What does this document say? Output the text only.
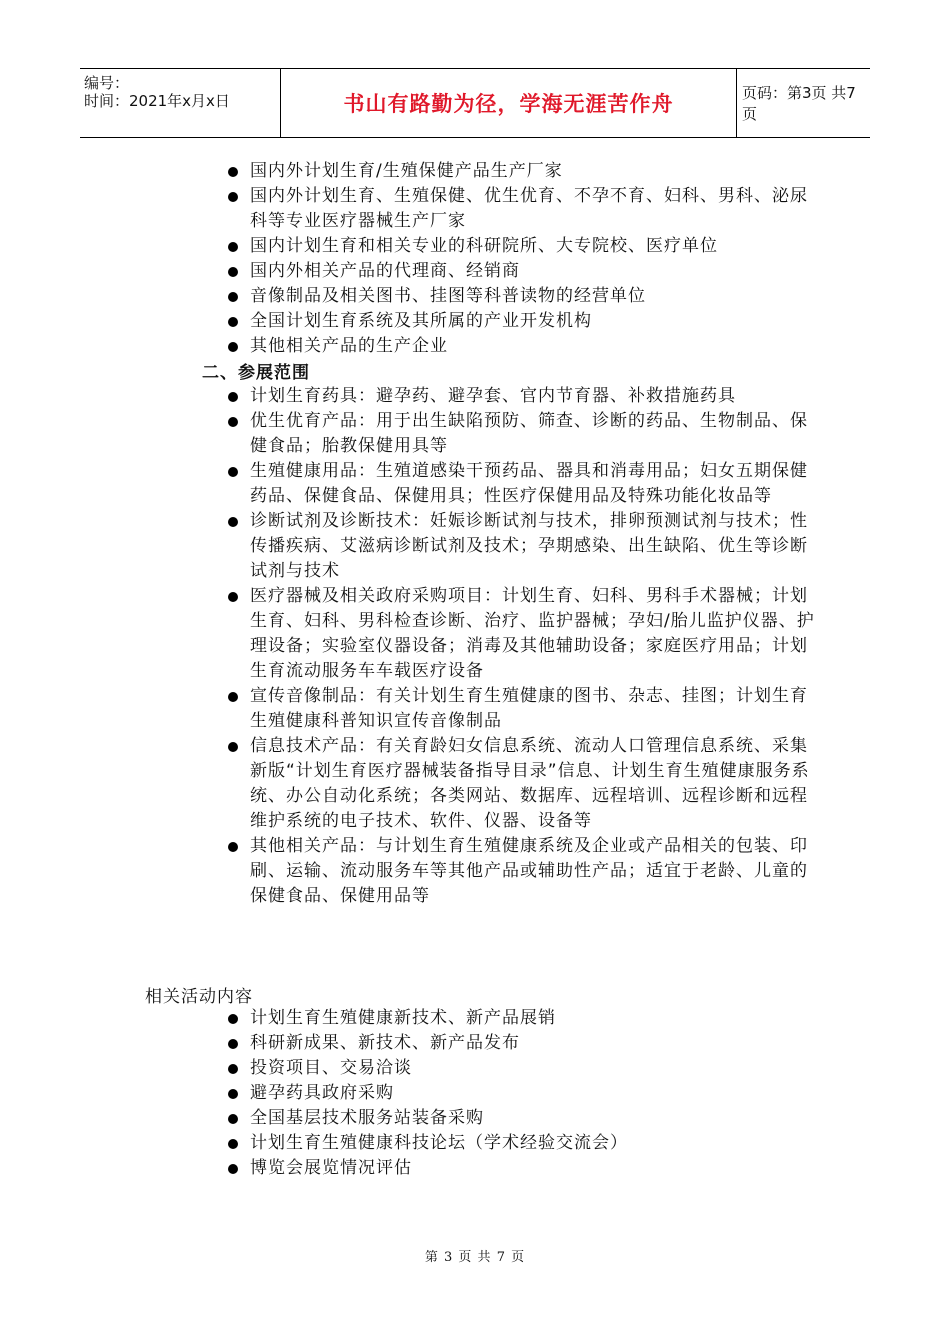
编号：
时间：2021年x月x日	书山有路勤为径，学海无涯苦作舟	页码：第3页 共7页
国内外计划生育/生殖保健产品生产厂家
国内外计划生育、生殖保健、优生优育、不孕不育、妇科、男科、泌尿科等专业医疗器械生产厂家
国内计划生育和相关专业的科研院所、大专院校、医疗单位
国内外相关产品的代理商、经销商
音像制品及相关图书、挂图等科普读物的经营单位
全国计划生育系统及其所属的产业开发机构
其他相关产品的生产企业
二、参展范围
计划生育药具：避孕药、避孕套、官内节育器、补救措施药具
优生优育产品：用于出生缺陷预防、筛查、诊断的药品、生物制品、保健食品；胎教保健用具等
生殖健康用品：生殖道感染干预药品、器具和消毒用品；妇女五期保健药品、保健食品、保健用具；性医疗保健用品及特殊功能化妆品等
诊断试剂及诊断技术：妊娠诊断试剂与技术，排卵预测试剂与技术；性传播疾病、艾滋病诊断试剂及技术；孕期感染、出生缺陷、优生等诊断试剂与技术
医疗器械及相关政府采购项目：计划生育、妇科、男科手术器械；计划生育、妇科、男科检查诊断、治疗、监护器械；孕妇/胎儿监护仪器、护理设备；实验室仪器设备；消毒及其他辅助设备；家庭医疗用品；计划生育流动服务车车载医疗设备
宣传音像制品：有关计划生育生殖健康的图书、杂志、挂图；计划生育生殖健康科普知识宣传音像制品
信息技术产品：有关育龄妇女信息系统、流动人口管理信息系统、采集新版“计划生育医疗器械装备指导目录”信息、计划生育生殖健康服务系统、办公自动化系统；各类网站、数据库、远程培训、远程诊断和远程维护系统的电子技术、软件、仪器、设备等
其他相关产品：与计划生育生殖健康系统及企业或产品相关的包装、印刷、运输、流动服务车等其他产品或辅助性产品；适宜于老龄、儿童的保健食品、保健用品等
相关活动内容
计划生育生殖健康新技术、新产品展销
科研新成果、新技术、新产品发布
投资项目、交易洽谈
避孕药具政府采购
全国基层技术服务站装备采购
计划生育生殖健康科技论坛（学术经验交流会）
博览会展览情况评估
第 3 页 共 7 页
